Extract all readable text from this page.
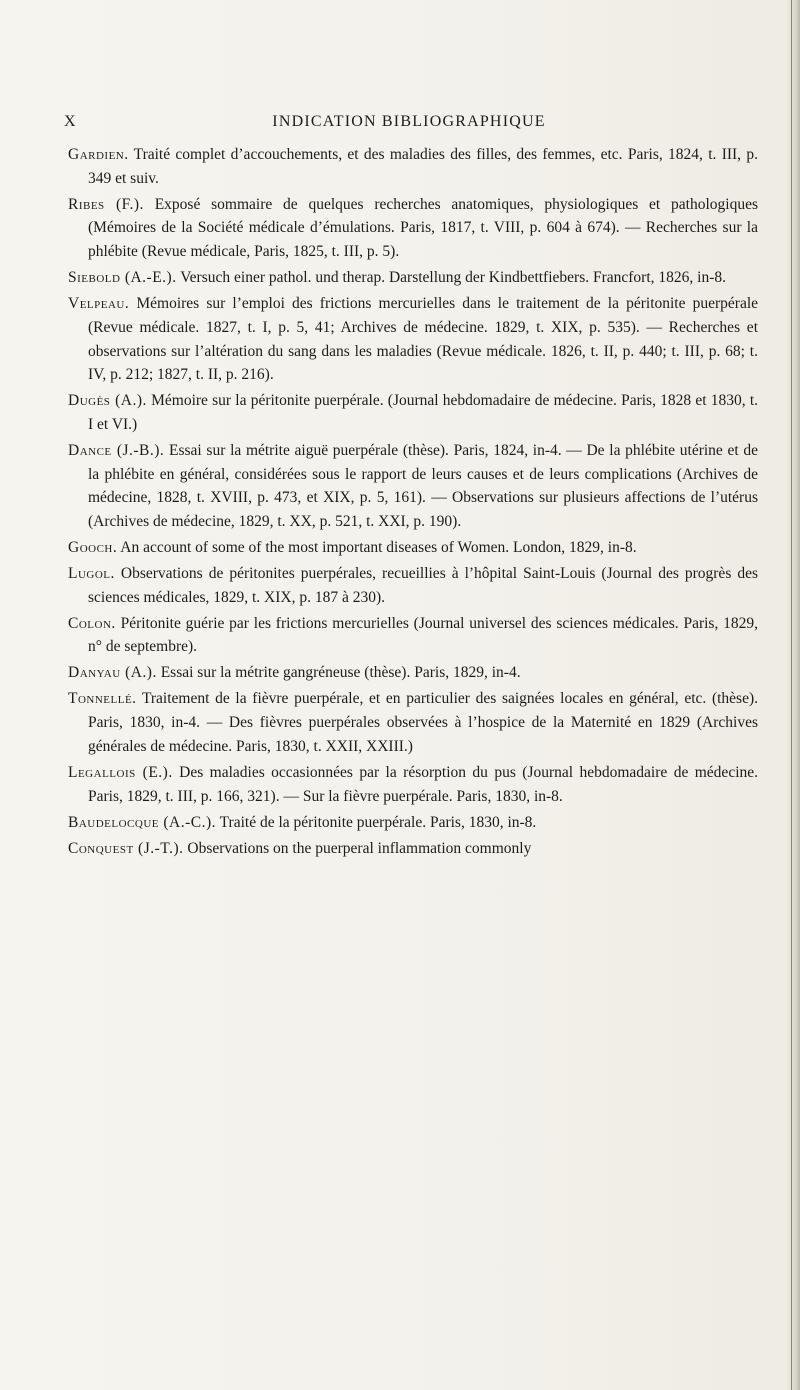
X	INDICATION BIBLIOGRAPHIQUE

Gardien. Traité complet d’accouchements, et des maladies des filles, des femmes, etc. Paris, 1824, t. III, p. 349 et suiv.

Ribes (F.). Exposé sommaire de quelques recherches anatomiques, physiologiques et pathologiques (Mémoires de la Société médicale d’émulations. Paris, 1817, t. VIII, p. 604 à 674). — Recherches sur la phlébite (Revue médicale, Paris, 1825, t. III, p. 5).

Siebold (A.-E.). Versuch einer pathol. und therap. Darstellung der Kindbettfiebers. Francfort, 1826, in-8.

Velpeau. Mémoires sur l’emploi des frictions mercurielles dans le traitement de la péritonite puerpérale (Revue médicale. 1827, t. I, p. 5, 41; Archives de médecine. 1829, t. XIX, p. 535). — Recherches et observations sur l’altération du sang dans les maladies (Revue médicale. 1826, t. II, p. 440; t. III, p. 68; t. IV, p. 212; 1827, t. II, p. 216).

Dugès (A.). Mémoire sur la péritonite puerpérale. (Journal hebdomadaire de médecine. Paris, 1828 et 1830, t. I et VI.)

Dance (J.-B.). Essai sur la métrite aiguë puerpérale (thèse). Paris, 1824, in-4. — De la phlébite utérine et de la phlébite en général, considérées sous le rapport de leurs causes et de leurs complications (Archives de médecine, 1828, t. XVIII, p. 473, et XIX, p. 5, 161). — Observations sur plusieurs affections de l’utérus (Archives de médecine, 1829, t. XX, p. 521, t. XXI, p. 190).

Gooch. An account of some of the most important diseases of Women. London, 1829, in-8.

Lugol. Observations de péritonites puerpérales, recueillies à l’hôpital Saint-Louis (Journal des progrès des sciences médicales, 1829, t. XIX, p. 187 à 230).

Colon. Péritonite guérie par les frictions mercurielles (Journal universel des sciences médicales. Paris, 1829, n° de septembre).

Danyau (A.). Essai sur la métrite gangréneuse (thèse). Paris, 1829, in-4.

Tonnellé. Traitement de la fièvre puerpérale, et en particulier des saignées locales en général, etc. (thèse). Paris, 1830, in-4. — Des fièvres puerpérales observées à l’hospice de la Maternité en 1829 (Archives générales de médecine. Paris, 1830, t. XXII, XXIII.)

Legallois (E.). Des maladies occasionnées par la résorption du pus (Journal hebdomadaire de médecine. Paris, 1829, t. III, p. 166, 321). — Sur la fièvre puerpérale. Paris, 1830, in-8.

Baudelocque (A.-C.). Traité de la péritonite puerpérale. Paris, 1830, in-8.

Conquest (J.-T.). Observations on the puerperal inflammation commonly
